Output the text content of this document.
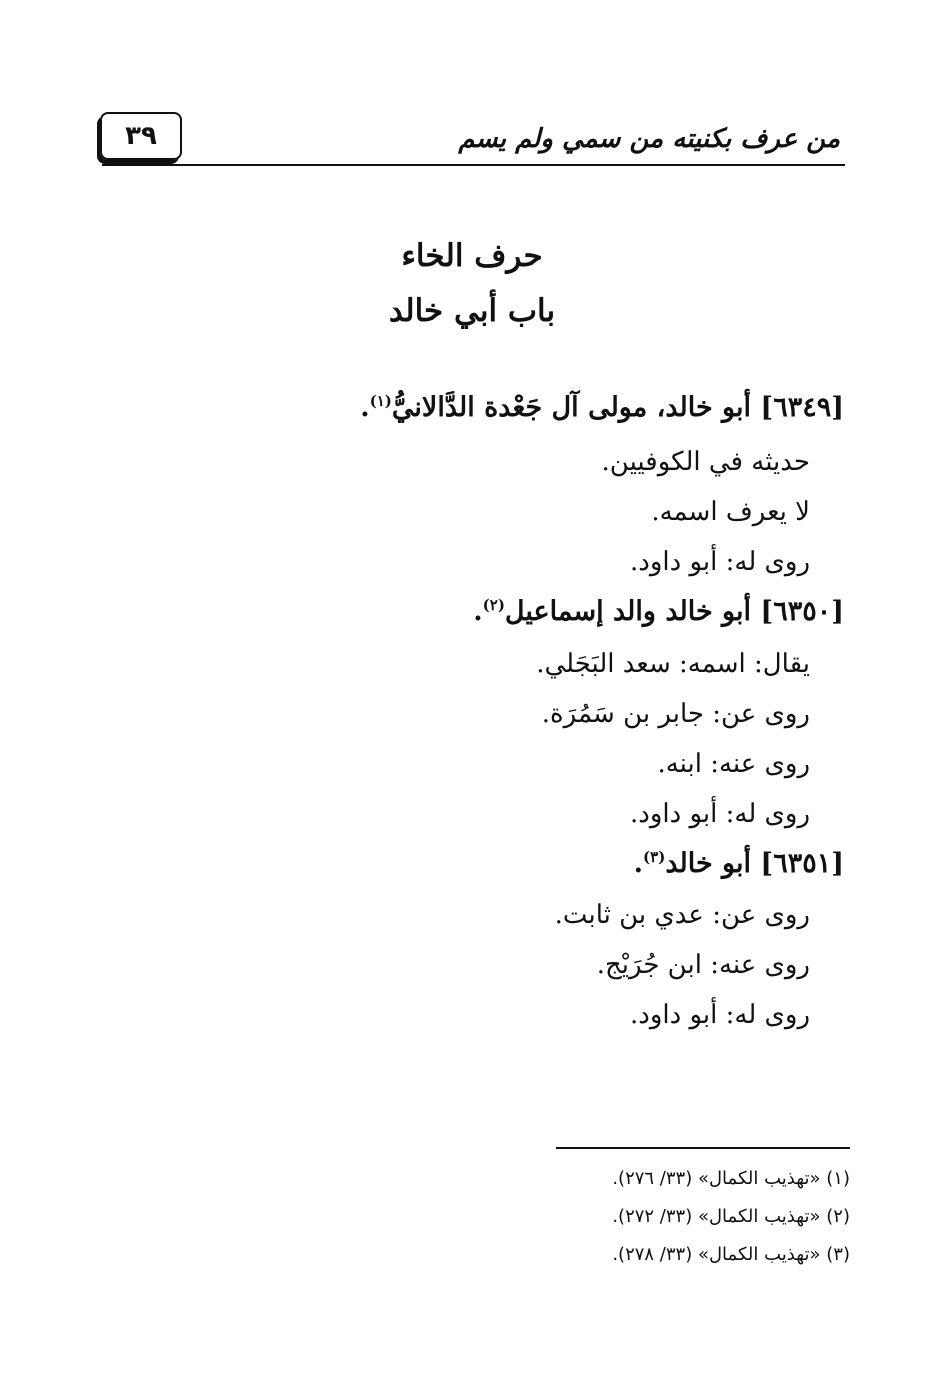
من عرف بكنيته من سمي ولم يسم
٣٩
حرف الخاء
باب أبي خالد
[٦٣٤٩] أبو خالد، مولى آل جَعْدة الدَّالانيُّ$^{(١)}$.
حديثه في الكوفيين.
لا يعرف اسمه.
روى له: أبو داود.
[٦٣٥٠] أبو خالد والد إسماعيل$^{(٢)}$.
يقال: اسمه: سعد البَجَلي.
روى عن: جابر بن سَمُرَة.
روى عنه: ابنه.
روى له: أبو داود.
[٦٣٥١] أبو خالد$^{(٣)}$.
روى عن: عدي بن ثابت.
روى عنه: ابن جُرَيْج.
روى له: أبو داود.
(١) «تهذيب الكمال» (٣٣/ ٢٧٦).
(٢) «تهذيب الكمال» (٣٣/ ٢٧٢).
(٣) «تهذيب الكمال» (٣٣/ ٢٧٨).
